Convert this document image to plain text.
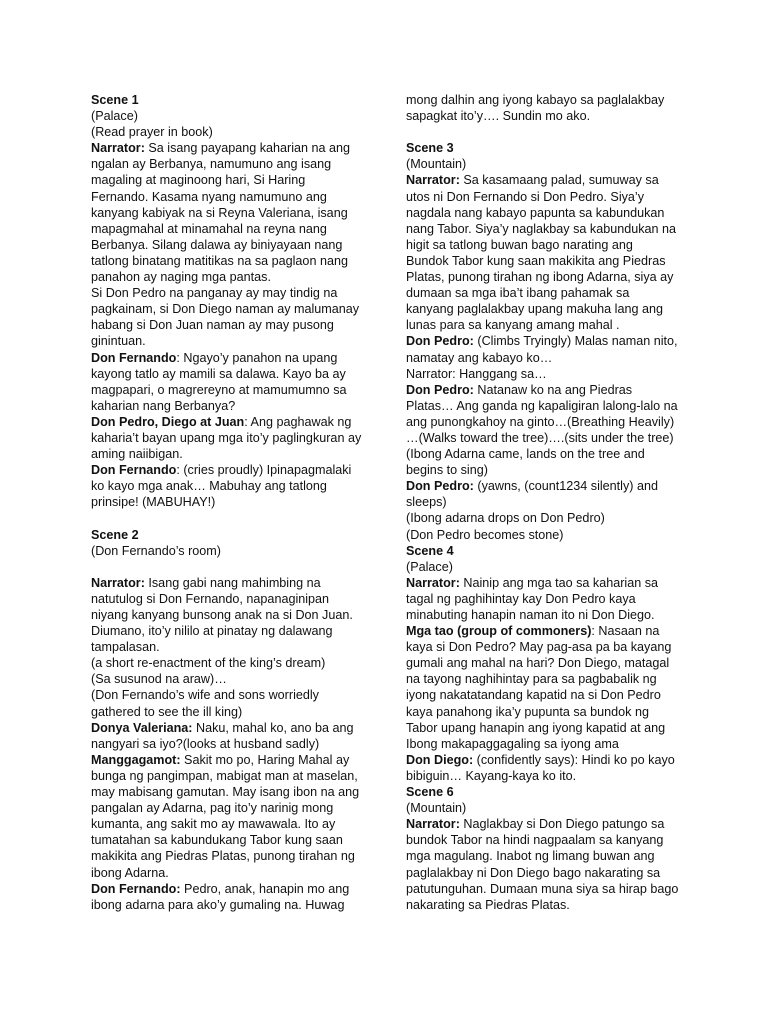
Scene 1
(Palace)
(Read prayer in book)
Narrator: Sa isang payapang kaharian na ang
ngalan ay Berbanya, namumuno ang isang
magaling at maginoong hari, Si Haring
Fernando. Kasama nyang namumuno ang
kanyang kabiyak na si Reyna Valeriana, isang
mapagmahal at minamahal na reyna nang
Berbanya. Silang dalawa ay biniyayaan nang
tatlong binatang matitikas na sa paglaon nang
panahon ay naging mga pantas.
Si Don Pedro na panganay ay may tindig na
pagkainam, si Don Diego naman ay malumanay
habang si Don Juan naman ay may pusong
ginintuan.
Don Fernando: Ngayo’y panahon na upang
kayong tatlo ay mamili sa dalawa. Kayo ba ay
magpapari, o magrereyno at mamumumno sa
kaharian nang Berbanya?
Don Pedro, Diego at Juan: Ang paghawak ng
kaharia’t bayan upang mga ito’y paglingkuran ay
aming naiibigan.
Don Fernando: (cries proudly) Ipinapagmalaki
ko kayo mga anak… Mabuhay ang tatlong
prinsipe! (MABUHAY!)
Scene 2
(Don Fernando’s room)
Narrator: Isang gabi nang mahimbing na
natutulog si Don Fernando, napanaginipan
niyang kanyang bunsong anak na si Don Juan.
Diumano, ito’y nililo at pinatay ng dalawang
tampalasan.
(a short re-enactment of the king’s dream)
(Sa susunod na araw)…
(Don Fernando’s wife and sons worriedly
gathered to see the ill king)
Donya Valeriana: Naku, mahal ko, ano ba ang
nangyari sa iyo?(looks at husband sadly)
Manggagamot: Sakit mo po, Haring Mahal ay
bunga ng pangimpan, mabigat man at maselan,
may mabisang gamutan. May isang ibon na ang
pangalan ay Adarna, pag ito’y narinig mong
kumanta, ang sakit mo ay mawawala. Ito ay
tumatahan sa kabundukang Tabor kung saan
makikita ang Piedras Platas, punong tirahan ng
ibong Adarna.
Don Fernando: Pedro, anak, hanapin mo ang
ibong adarna para ako’y gumaling na. Huwag
mong dalhin ang iyong kabayo sa paglalakbay
sapagkat ito’y…. Sundin mo ako.
Scene 3
(Mountain)
Narrator: Sa kasamaang palad, sumuway sa
utos ni Don Fernando si Don Pedro. Siya’y
nagdala nang kabayo papunta sa kabundukan
nang Tabor. Siya’y naglakbay sa kabundukan na
higit sa tatlong buwan bago narating ang
Bundok Tabor kung saan makikita ang Piedras
Platas, punong tirahan ng ibong Adarna, siya ay
dumaan sa mga iba’t ibang pahamak sa
kanyang paglalakbay upang makuha lang ang
lunas para sa kanyang amang mahal .
Don Pedro: (Climbs Tryingly) Malas naman nito,
namatay ang kabayo ko…
Narrator: Hanggang sa…
Don Pedro: Natanaw ko na ang Piedras
Platas… Ang ganda ng kapaligiran lalong-lalo na
ang punongkahoy na ginto…(Breathing Heavily)
…(Walks toward the tree)….(sits under the tree)
(Ibong Adarna came, lands on the tree and
begins to sing)
Don Pedro: (yawns, (count1234 silently) and
sleeps)
(Ibong adarna drops on Don Pedro)
(Don Pedro becomes stone)
Scene 4
(Palace)
Narrator: Nainip ang mga tao sa kaharian sa
tagal ng paghihintay kay Don Pedro kaya
minabuting hanapin naman ito ni Don Diego.
Mga tao (group of commoners): Nasaan na
kaya si Don Pedro? May pag-asa pa ba kayang
gumali ang mahal na hari? Don Diego, matagal
na tayong naghihintay para sa pagbabalik ng
iyong nakatatandang kapatid na si Don Pedro
kaya panahong ika’y pupunta sa bundok ng
Tabor upang hanapin ang iyong kapatid at ang
Ibong makapaggagaling sa iyong ama
Don Diego: (confidently says): Hindi ko po kayo
bibiguin… Kayang-kaya ko ito.
Scene 6
(Mountain)
Narrator: Naglakbay si Don Diego patungo sa
bundok Tabor na hindi nagpaalam sa kanyang
mga magulang. Inabot ng limang buwan ang
paglalakbay ni Don Diego bago nakarating sa
patutunguhan. Dumaan muna siya sa hirap bago
nakarating sa Piedras Platas.
